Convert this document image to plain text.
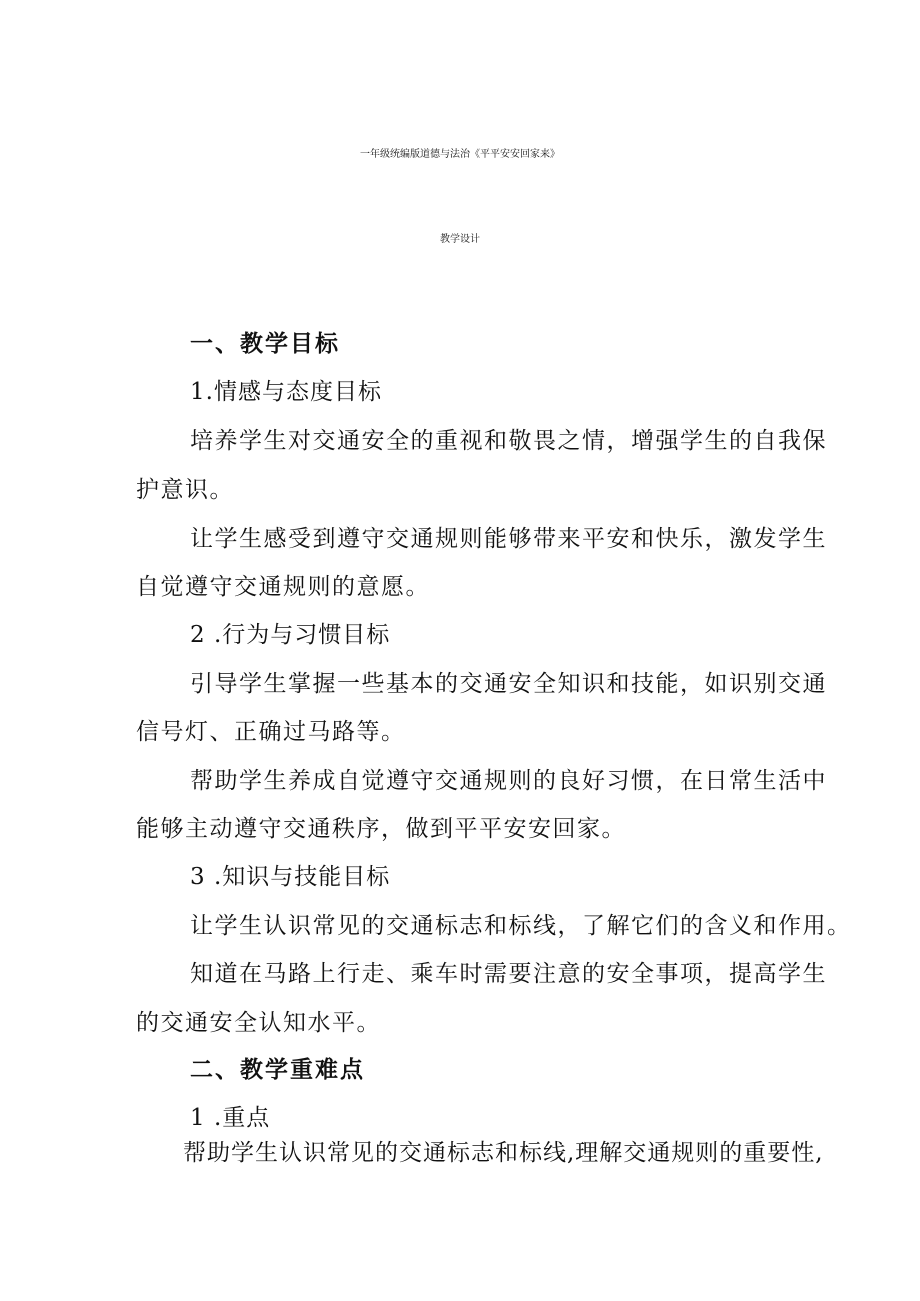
一年级统编版道德与法治《平平安安回家来》
教学设计
一、教学目标
1.情感与态度目标
培养学生对交通安全的重视和敬畏之情，增强学生的自我保
护意识。
让学生感受到遵守交通规则能够带来平安和快乐，激发学生
自觉遵守交通规则的意愿。
2 .行为与习惯目标
引导学生掌握一些基本的交通安全知识和技能，如识别交通
信号灯、正确过马路等。
帮助学生养成自觉遵守交通规则的良好习惯，在日常生活中
能够主动遵守交通秩序，做到平平安安回家。
3 .知识与技能目标
让学生认识常见的交通标志和标线，了解它们的含义和作用。
知道在马路上行走、乘车时需要注意的安全事项，提高学生
的交通安全认知水平。
二、教学重难点
1 .重点
帮助学生认识常见的交通标志和标线,理解交通规则的重要性,
